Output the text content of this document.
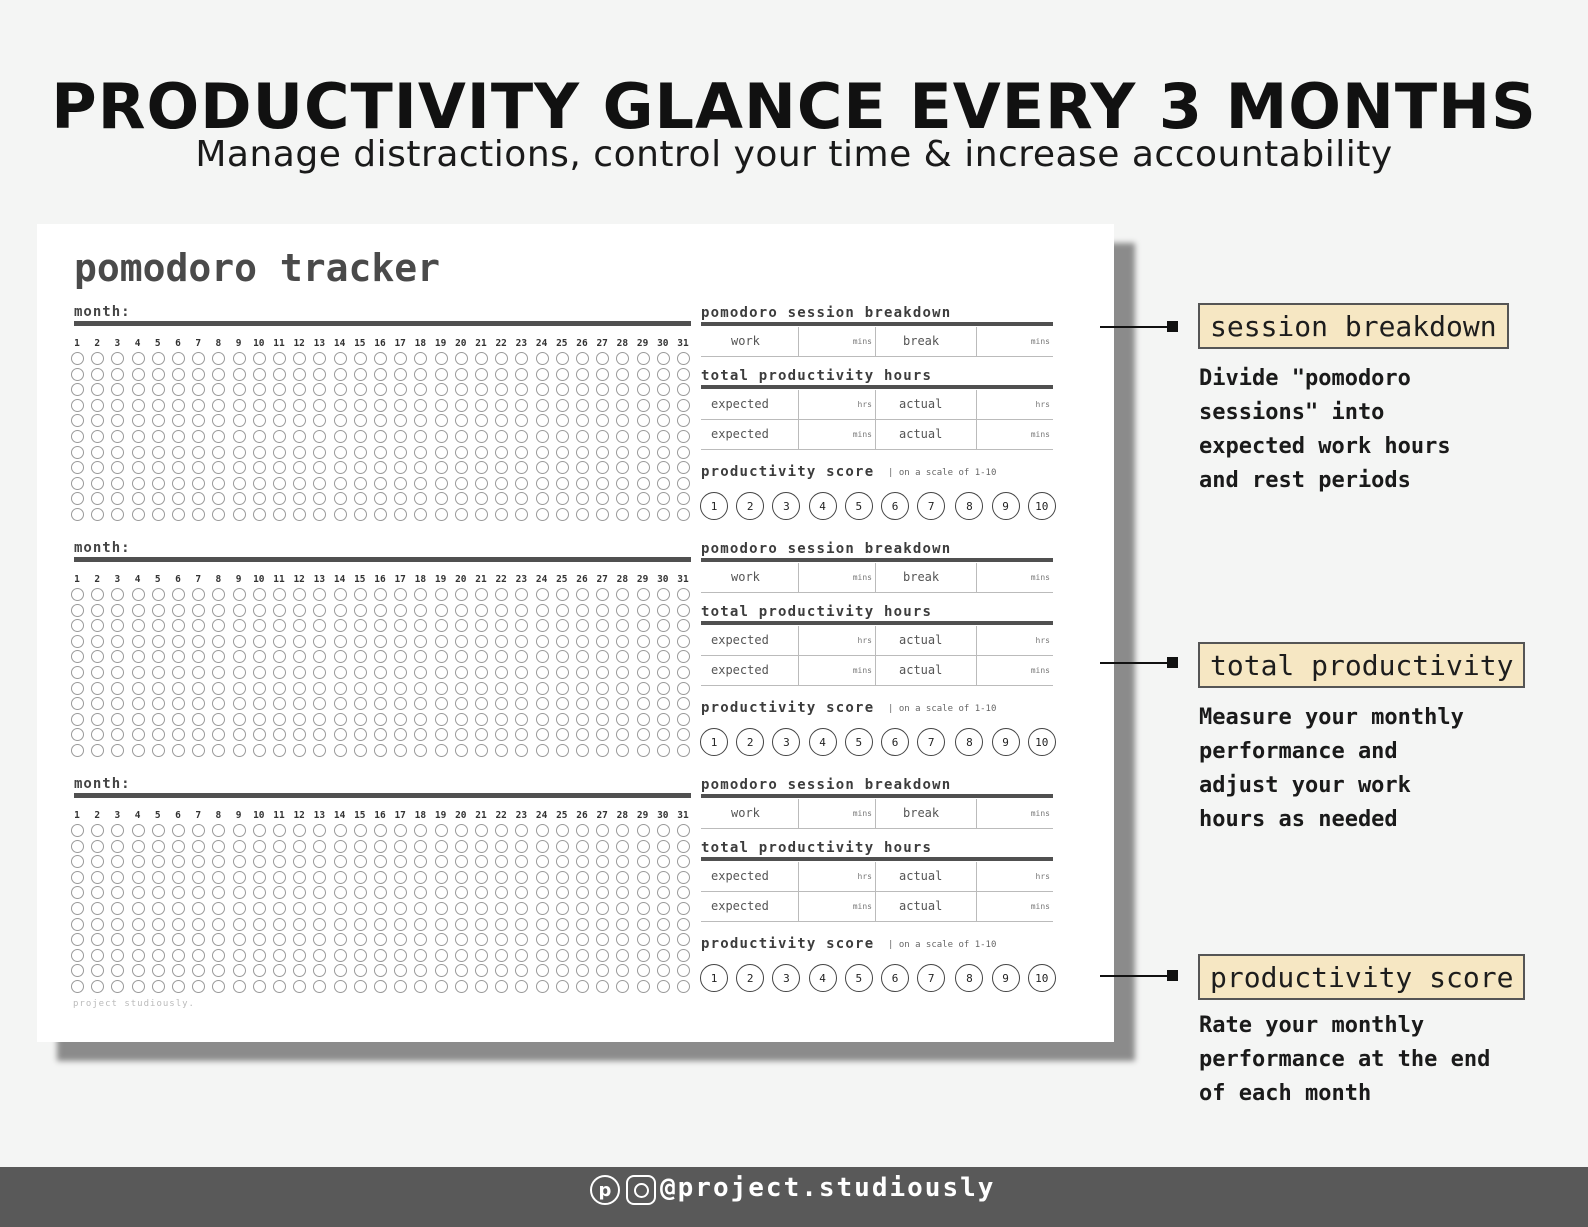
PRODUCTIVITY GLANCE EVERY 3 MONTHS
Manage distractions, control your time & increase accountability
pomodoro tracker
project studiously.
month:
1	2	3	4	5	6	7	8	9	10 11 12 13 14 15 16 17 18 19 20 21 22 23 24 25 26 27 28 29 30 31
pomodoro session breakdown
work	mins	break	mins
total productivity hours
expected	hrs actual	hrs
expected	mins actual	mins
productivity score | on a scale of 1-10
1	2	3	4	5	6	7	8	9	10
month:
1	2	3	4	5	6	7	8	9	10 11 12 13 14 15 16 17 18 19 20 21 22 23 24 25 26 27 28 29 30 31
pomodoro session breakdown
work	mins	break	mins
total productivity hours
expected	hrs actual	hrs
expected	mins actual	mins
productivity score | on a scale of 1-10
1	2	3	4	5	6	7	8	9	10
month:
1	2	3	4	5	6	7	8	9	10 11 12 13 14 15 16 17 18 19 20 21 22 23 24 25 26 27 28 29 30 31
pomodoro session breakdown
work	mins	break	mins
total productivity hours
expected	hrs actual	hrs
expected	mins actual	mins
productivity score | on a scale of 1-10
1	2	3	4	5	6	7	8	9	10
session breakdown
Divide "pomodoro
sessions" into
expected work hours
and rest periods
total productivity
Measure your monthly
performance and
adjust your work
hours as needed
productivity score
Rate your monthly
performance at the end
of each month
p	@project.studiously
